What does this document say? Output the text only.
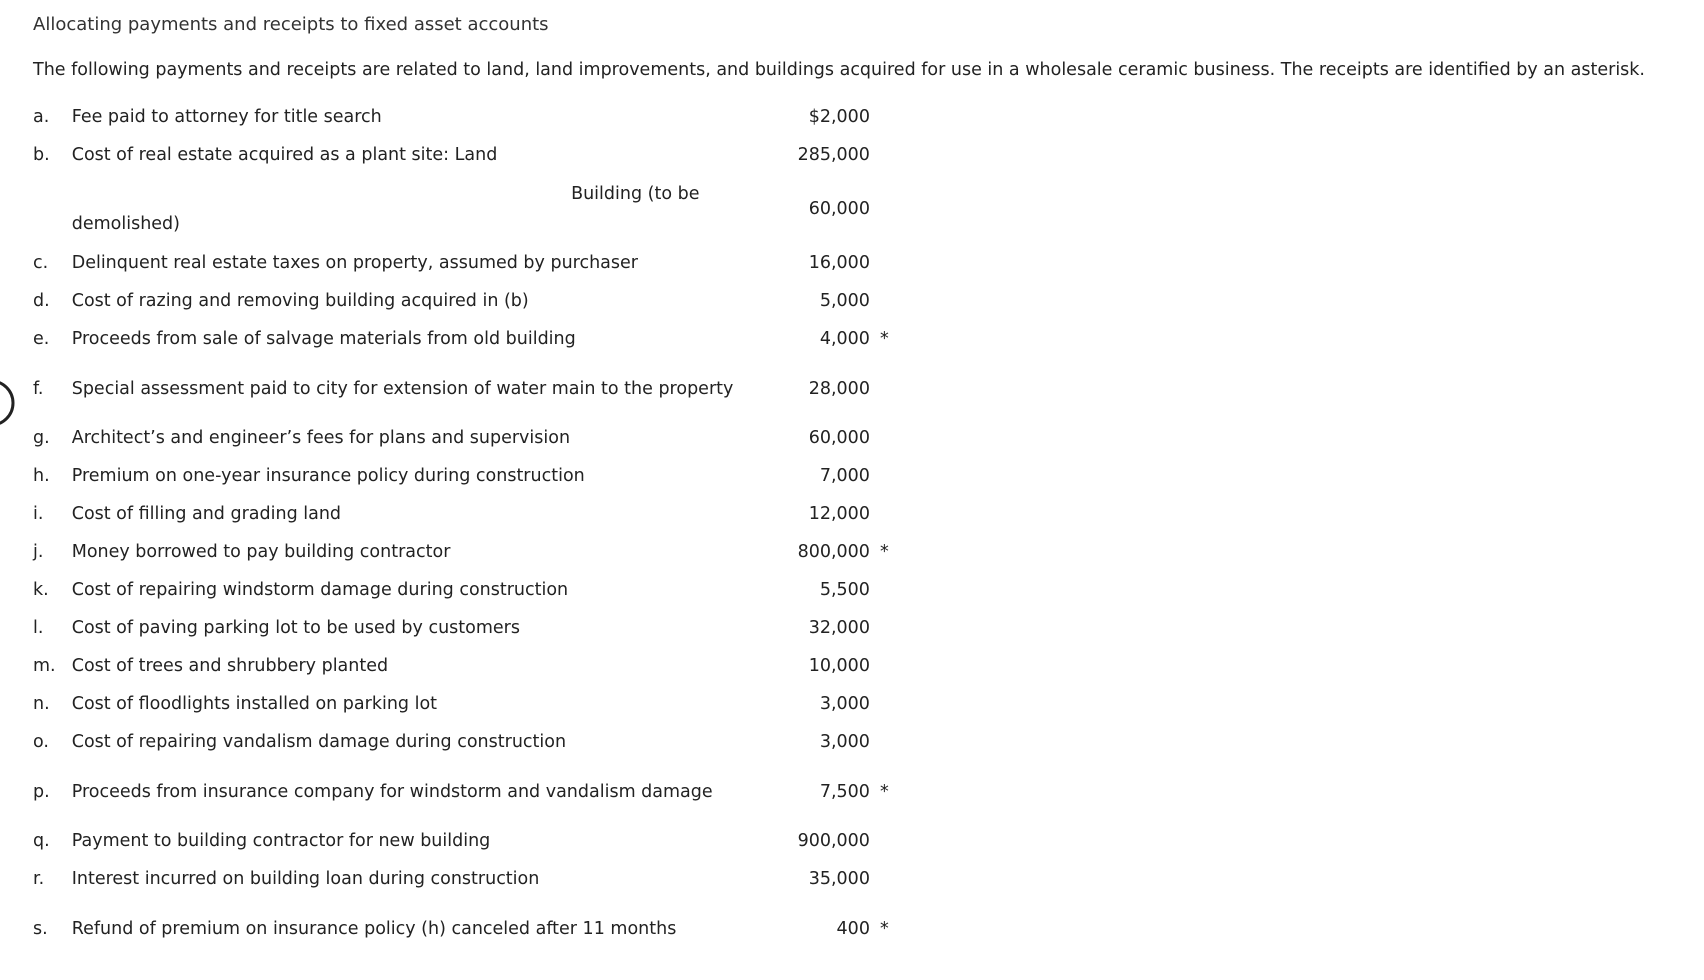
Allocating payments and receipts to fixed asset accounts
The following payments and receipts are related to land, land improvements, and buildings acquired for use in a wholesale ceramic business. The receipts are identified by an asterisk.
a.	Fee paid to attorney for title search	$2,000	
b.	Cost of real estate acquired as a plant site: Land	285,000	

	Building (to be
demolished)	60,000	
c.	Delinquent real estate taxes on property, assumed by purchaser	16,000	
d.	Cost of razing and removing building acquired in (b)	5,000	
e.	Proceeds from sale of salvage materials from old building	4,000	*
f.	Special assessment paid to city for extension of water main to the property	28,000	
g.	Architect’s and engineer’s fees for plans and supervision	60,000	
h.	Premium on one-year insurance policy during construction	7,000	
i.	Cost of filling and grading land	12,000	
j.	Money borrowed to pay building contractor	800,000	*
k.	Cost of repairing windstorm damage during construction	5,500	
l.	Cost of paving parking lot to be used by customers	32,000	
m.	Cost of trees and shrubbery planted	10,000	
n.	Cost of floodlights installed on parking lot	3,000	
o.	Cost of repairing vandalism damage during construction	3,000	
p.	Proceeds from insurance company for windstorm and vandalism damage	7,500	*
q.	Payment to building contractor for new building	900,000	
r.	Interest incurred on building loan during construction	35,000	
s.	Refund of premium on insurance policy (h) canceled after 11 months	400	*
